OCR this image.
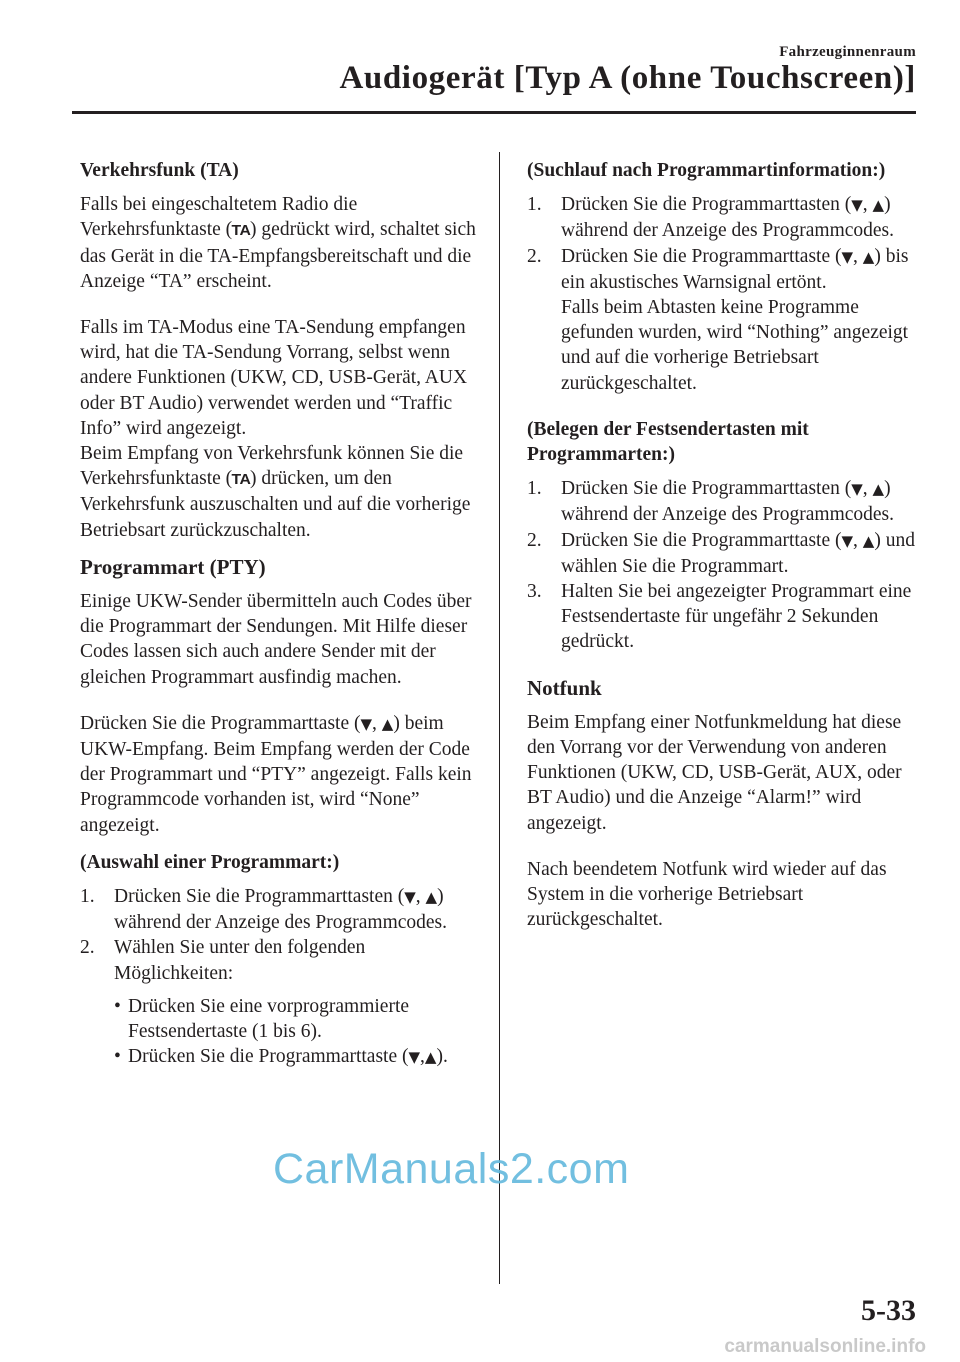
Fahrzeuginnenraum
Audiogerät [Typ A (ohne Touchscreen)]
Verkehrsfunk (TA)

Falls bei eingeschaltetem Radio die Verkehrsfunktaste (TA) gedrückt wird, schaltet sich das Gerät in die TA-Empfangsbereitschaft und die Anzeige “TA” erscheint.

Falls im TA-Modus eine TA-Sendung empfangen wird, hat die TA-Sendung Vorrang, selbst wenn andere Funktionen (UKW, CD, USB-Gerät, AUX oder BT Audio) verwendet werden und “Traffic Info” wird angezeigt.

Beim Empfang von Verkehrsfunk können Sie die Verkehrsfunktaste (TA) drücken, um den Verkehrsfunk auszuschalten und auf die vorherige Betriebsart zurückzuschalten.

Programmart (PTY)

Einige UKW-Sender übermitteln auch Codes über die Programmart der Sendungen. Mit Hilfe dieser Codes lassen sich auch andere Sender mit der gleichen Programmart ausfindig machen.

Drücken Sie die Programmarttaste (▼, ▲) beim UKW-Empfang. Beim Empfang werden der Code der Programmart und “PTY” angezeigt. Falls kein Programmcode vorhanden ist, wird “None” angezeigt.

(Auswahl einer Programmart:)
1. Drücken Sie die Programmarttasten (▼, ▲) während der Anzeige des Programmcodes.
2. Wählen Sie unter den folgenden Möglichkeiten:
• Drücken Sie eine vorprogrammierte Festsendertaste (1 bis 6).
• Drücken Sie die Programmarttaste (▼,▲).
(Suchlauf nach Programmartinformation:)
1. Drücken Sie die Programmarttasten (▼, ▲) während der Anzeige des Programmcodes.
2. Drücken Sie die Programmarttaste (▼, ▲) bis ein akustisches Warnsignal ertönt.
Falls beim Abtasten keine Programme gefunden wurden, wird “Nothing” angezeigt und auf die vorherige Betriebsart zurückgeschaltet.
(Belegen der Festsendertasten mit Programmarten:)
1. Drücken Sie die Programmarttasten (▼, ▲) während der Anzeige des Programmcodes.
2. Drücken Sie die Programmarttaste (▼, ▲) und wählen Sie die Programmart.
3. Halten Sie bei angezeigter Programmart eine Festsendertaste für ungefähr 2 Sekunden gedrückt.
Notfunk

Beim Empfang einer Notfunkmeldung hat diese den Vorrang vor der Verwendung von anderen Funktionen (UKW, CD, USB-Gerät, AUX, oder BT Audio) und die Anzeige “Alarm!” wird angezeigt.

Nach beendetem Notfunk wird wieder auf das System in die vorherige Betriebsart zurückgeschaltet.

CarManuals2.com
5-33
carmanualsonline.info
